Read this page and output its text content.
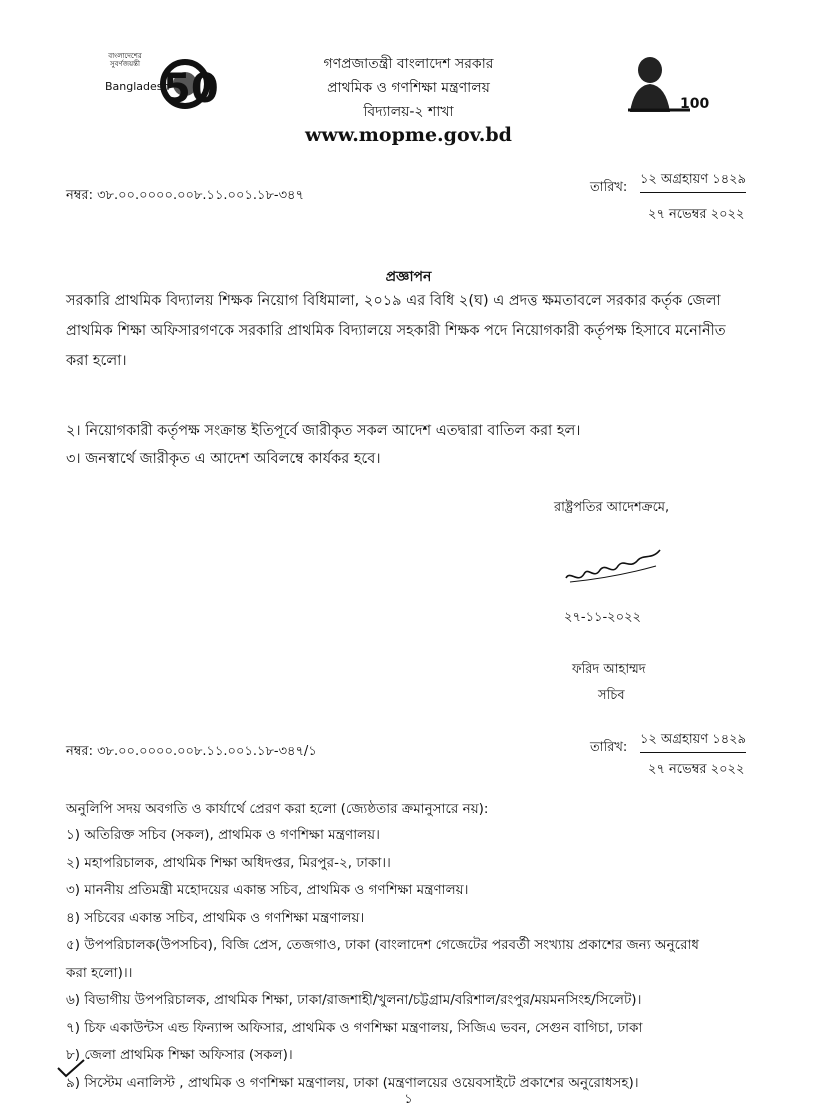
বাংলাদেশের সুবর্ণজয়ন্তী
Bangladesh
50	100
গণপ্রজাতন্ত্রী বাংলাদেশ সরকার
প্রাথমিক ও গণশিক্ষা মন্ত্রণালয়
বিদ্যালয়-২ শাখা
www.mopme.gov.bd
নম্বর: ৩৮.০০.০০০০.০০৮.১১.০০১.১৮-৩৪৭
তারিখ:
১২ অগ্রহায়ণ ১৪২৯
২৭ নভেম্বর ২০২২
প্রজ্ঞাপন
সরকারি প্রাথমিক বিদ্যালয় শিক্ষক নিয়োগ বিধিমালা, ২০১৯ এর বিধি ২(ঘ) এ প্রদত্ত ক্ষমতাবলে সরকার কর্তৃক জেলা
প্রাথমিক শিক্ষা অফিসারগণকে সরকারি প্রাথমিক বিদ্যালয়ে সহকারী শিক্ষক পদে নিয়োগকারী কর্তৃপক্ষ হিসাবে মনোনীত
করা হলো।
২। নিয়োগকারী কর্তৃপক্ষ সংক্রান্ত ইতিপূর্বে জারীকৃত সকল আদেশ এতদ্বারা বাতিল করা হল।
৩। জনস্বার্থে জারীকৃত এ আদেশ অবিলম্বে কার্যকর হবে।
রাষ্ট্রপতির আদেশক্রমে,
২৭-১১-২০২২
ফরিদ আহাম্মদ
সচিব
নম্বর: ৩৮.০০.০০০০.০০৮.১১.০০১.১৮-৩৪৭/১	তারিখ:
১২ অগ্রহায়ণ ১৪২৯
২৭ নভেম্বর ২০২২
অনুলিপি সদয় অবগতি ও কার্যার্থে প্রেরণ করা হলো (জ্যেষ্ঠতার ক্রমানুসারে নয়):
১) অতিরিক্ত সচিব (সকল), প্রাথমিক ও গণশিক্ষা মন্ত্রণালয়।
২) মহাপরিচালক, প্রাথমিক শিক্ষা অধিদপ্তর, মিরপুর-২, ঢাকা।।
৩) মাননীয় প্রতিমন্ত্রী মহোদয়ের একান্ত সচিব, প্রাথমিক ও গণশিক্ষা মন্ত্রণালয়।
৪) সচিবের একান্ত সচিব, প্রাথমিক ও গণশিক্ষা মন্ত্রণালয়।
৫) উপপরিচালক(উপসচিব), বিজি প্রেস, তেজগাও, ঢাকা (বাংলাদেশ গেজেটের পরবর্তী সংখ্যায় প্রকাশের জন্য অনুরোধ
করা হলো)।।
৬) বিভাগীয় উপপরিচালক, প্রাথমিক শিক্ষা, ঢাকা/রাজশাহী/খুলনা/চট্টগ্রাম/বরিশাল/রংপুর/ময়মনসিংহ/সিলেট)।
৭) চিফ একাউন্টস এন্ড ফিন্যান্স অফিসার, প্রাথমিক ও গণশিক্ষা মন্ত্রণালয়, সিজিএ ভবন, সেগুন বাগিচা, ঢাকা
৮) জেলা প্রাথমিক শিক্ষা অফিসার (সকল)।
৯) সিস্টেম এনালিস্ট , প্রাথমিক ও গণশিক্ষা মন্ত্রণালয়, ঢাকা (মন্ত্রণালয়ের ওয়েবসাইটে প্রকাশের অনুরোধসহ)।
১
